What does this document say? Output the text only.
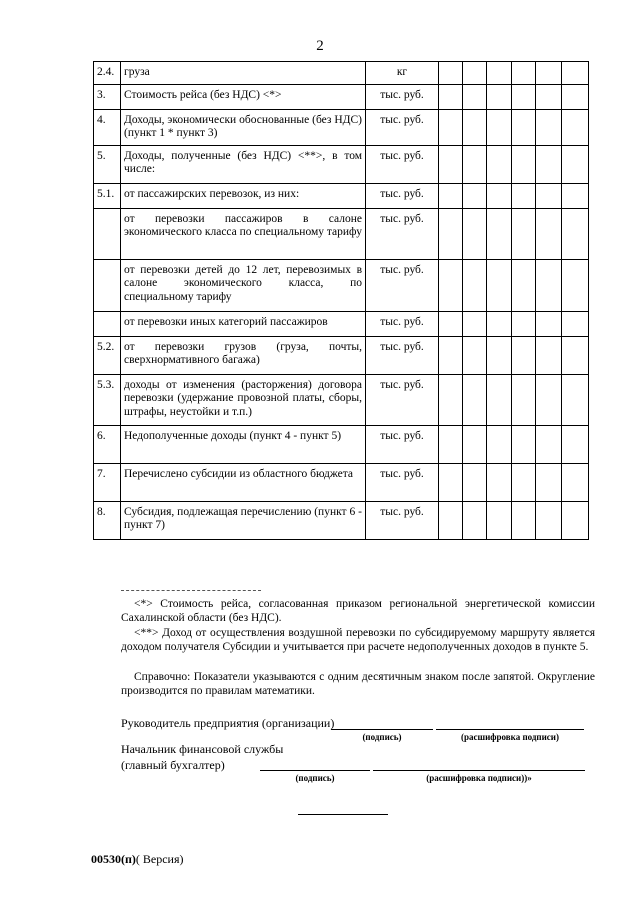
2
2.4.	груза	кг						
3.	Стоимость рейса (без НДС) <*>	тыс. руб.						
4.	Доходы, экономически обоснованные (без НДС) (пункт 1 * пункт 3)	тыс. руб.						
5.	Доходы, полученные (без НДС) <**>, в том числе:	тыс. руб.						
5.1.	от пассажирских перевозок, из них:	тыс. руб.						
	от перевозки пассажиров в салоне экономического класса по специальному тарифу	тыс. руб.						
	от перевозки детей до 12 лет, перевозимых в салоне экономического класса, по специальному тарифу	тыс. руб.						
	от перевозки иных категорий пассажиров	тыс. руб.						
5.2.	от перевозки грузов (груза, почты, сверхнормативного багажа)	тыс. руб.						
5.3.	доходы от изменения (расторжения) договора перевозки (удержание провозной платы, сборы, штрафы, неустойки и т.п.)	тыс. руб.						
6.	Недополученные доходы (пункт 4 - пункт 5)	тыс. руб.						
7.	Перечислено субсидии из областного бюджета	тыс. руб.						
8.	Субсидия, подлежащая перечислению (пункт 6 - пункт 7)	тыс. руб.						
<*> Стоимость рейса, согласованная приказом региональной энергетической комиссии Сахалинской области (без НДС).
<**> Доход от осуществления воздушной перевозки по субсидируемому маршруту является доходом получателя Субсидии и учитывается при расчете недополученных доходов в пункте 5.
Справочно: Показатели указываются с одним десятичным знаком после запятой. Округление производится по правилам математики.
Руководитель предприятия (организации)
(подпись)	(расшифровка подписи)
Начальник финансовой службы
(главный бухгалтер)
(подпись)	(расшифровка подписи))»
00530(п)( Версия)
